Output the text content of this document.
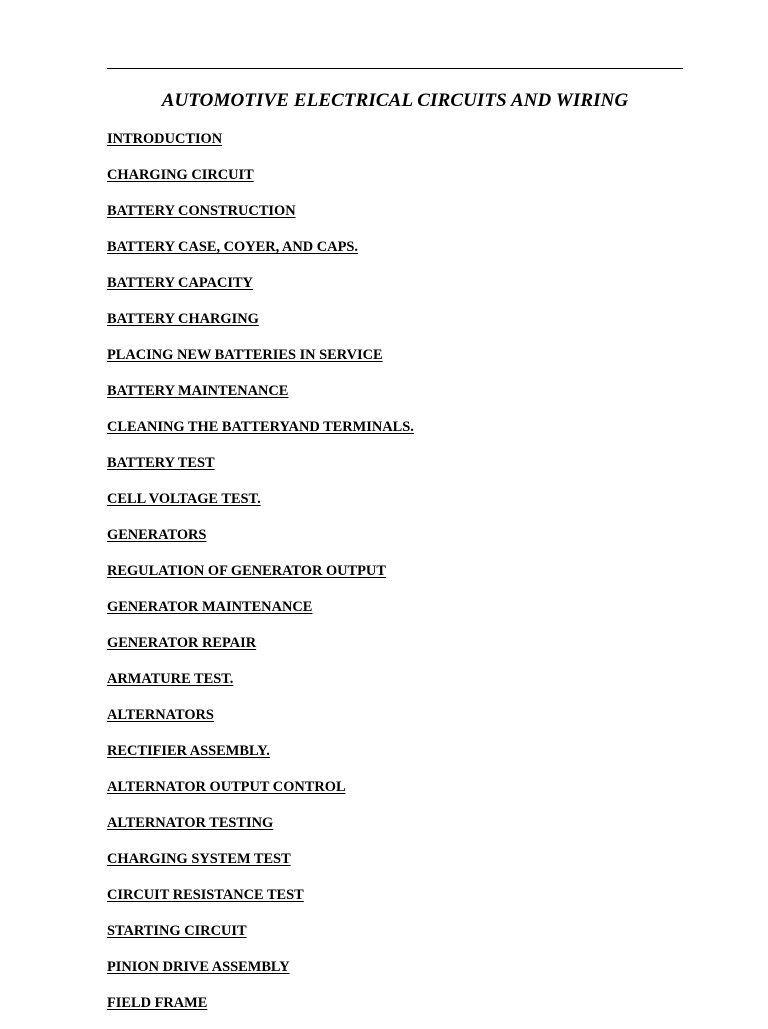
AUTOMOTIVE ELECTRICAL CIRCUITS AND WIRING
INTRODUCTION
CHARGING CIRCUIT
BATTERY CONSTRUCTION
BATTERY CASE, COYER, AND CAPS.
BATTERY CAPACITY
BATTERY CHARGING
PLACING NEW BATTERIES IN SERVICE
BATTERY MAINTENANCE
CLEANING THE BATTERYAND TERMINALS.
BATTERY TEST
CELL VOLTAGE TEST.
GENERATORS
REGULATION OF GENERATOR OUTPUT
GENERATOR MAINTENANCE
GENERATOR REPAIR
ARMATURE TEST.
ALTERNATORS
RECTIFIER ASSEMBLY.
ALTERNATOR OUTPUT CONTROL
ALTERNATOR TESTING
CHARGING SYSTEM TEST
CIRCUIT RESISTANCE TEST
STARTING CIRCUIT
PINION DRIVE ASSEMBLY
FIELD FRAME
